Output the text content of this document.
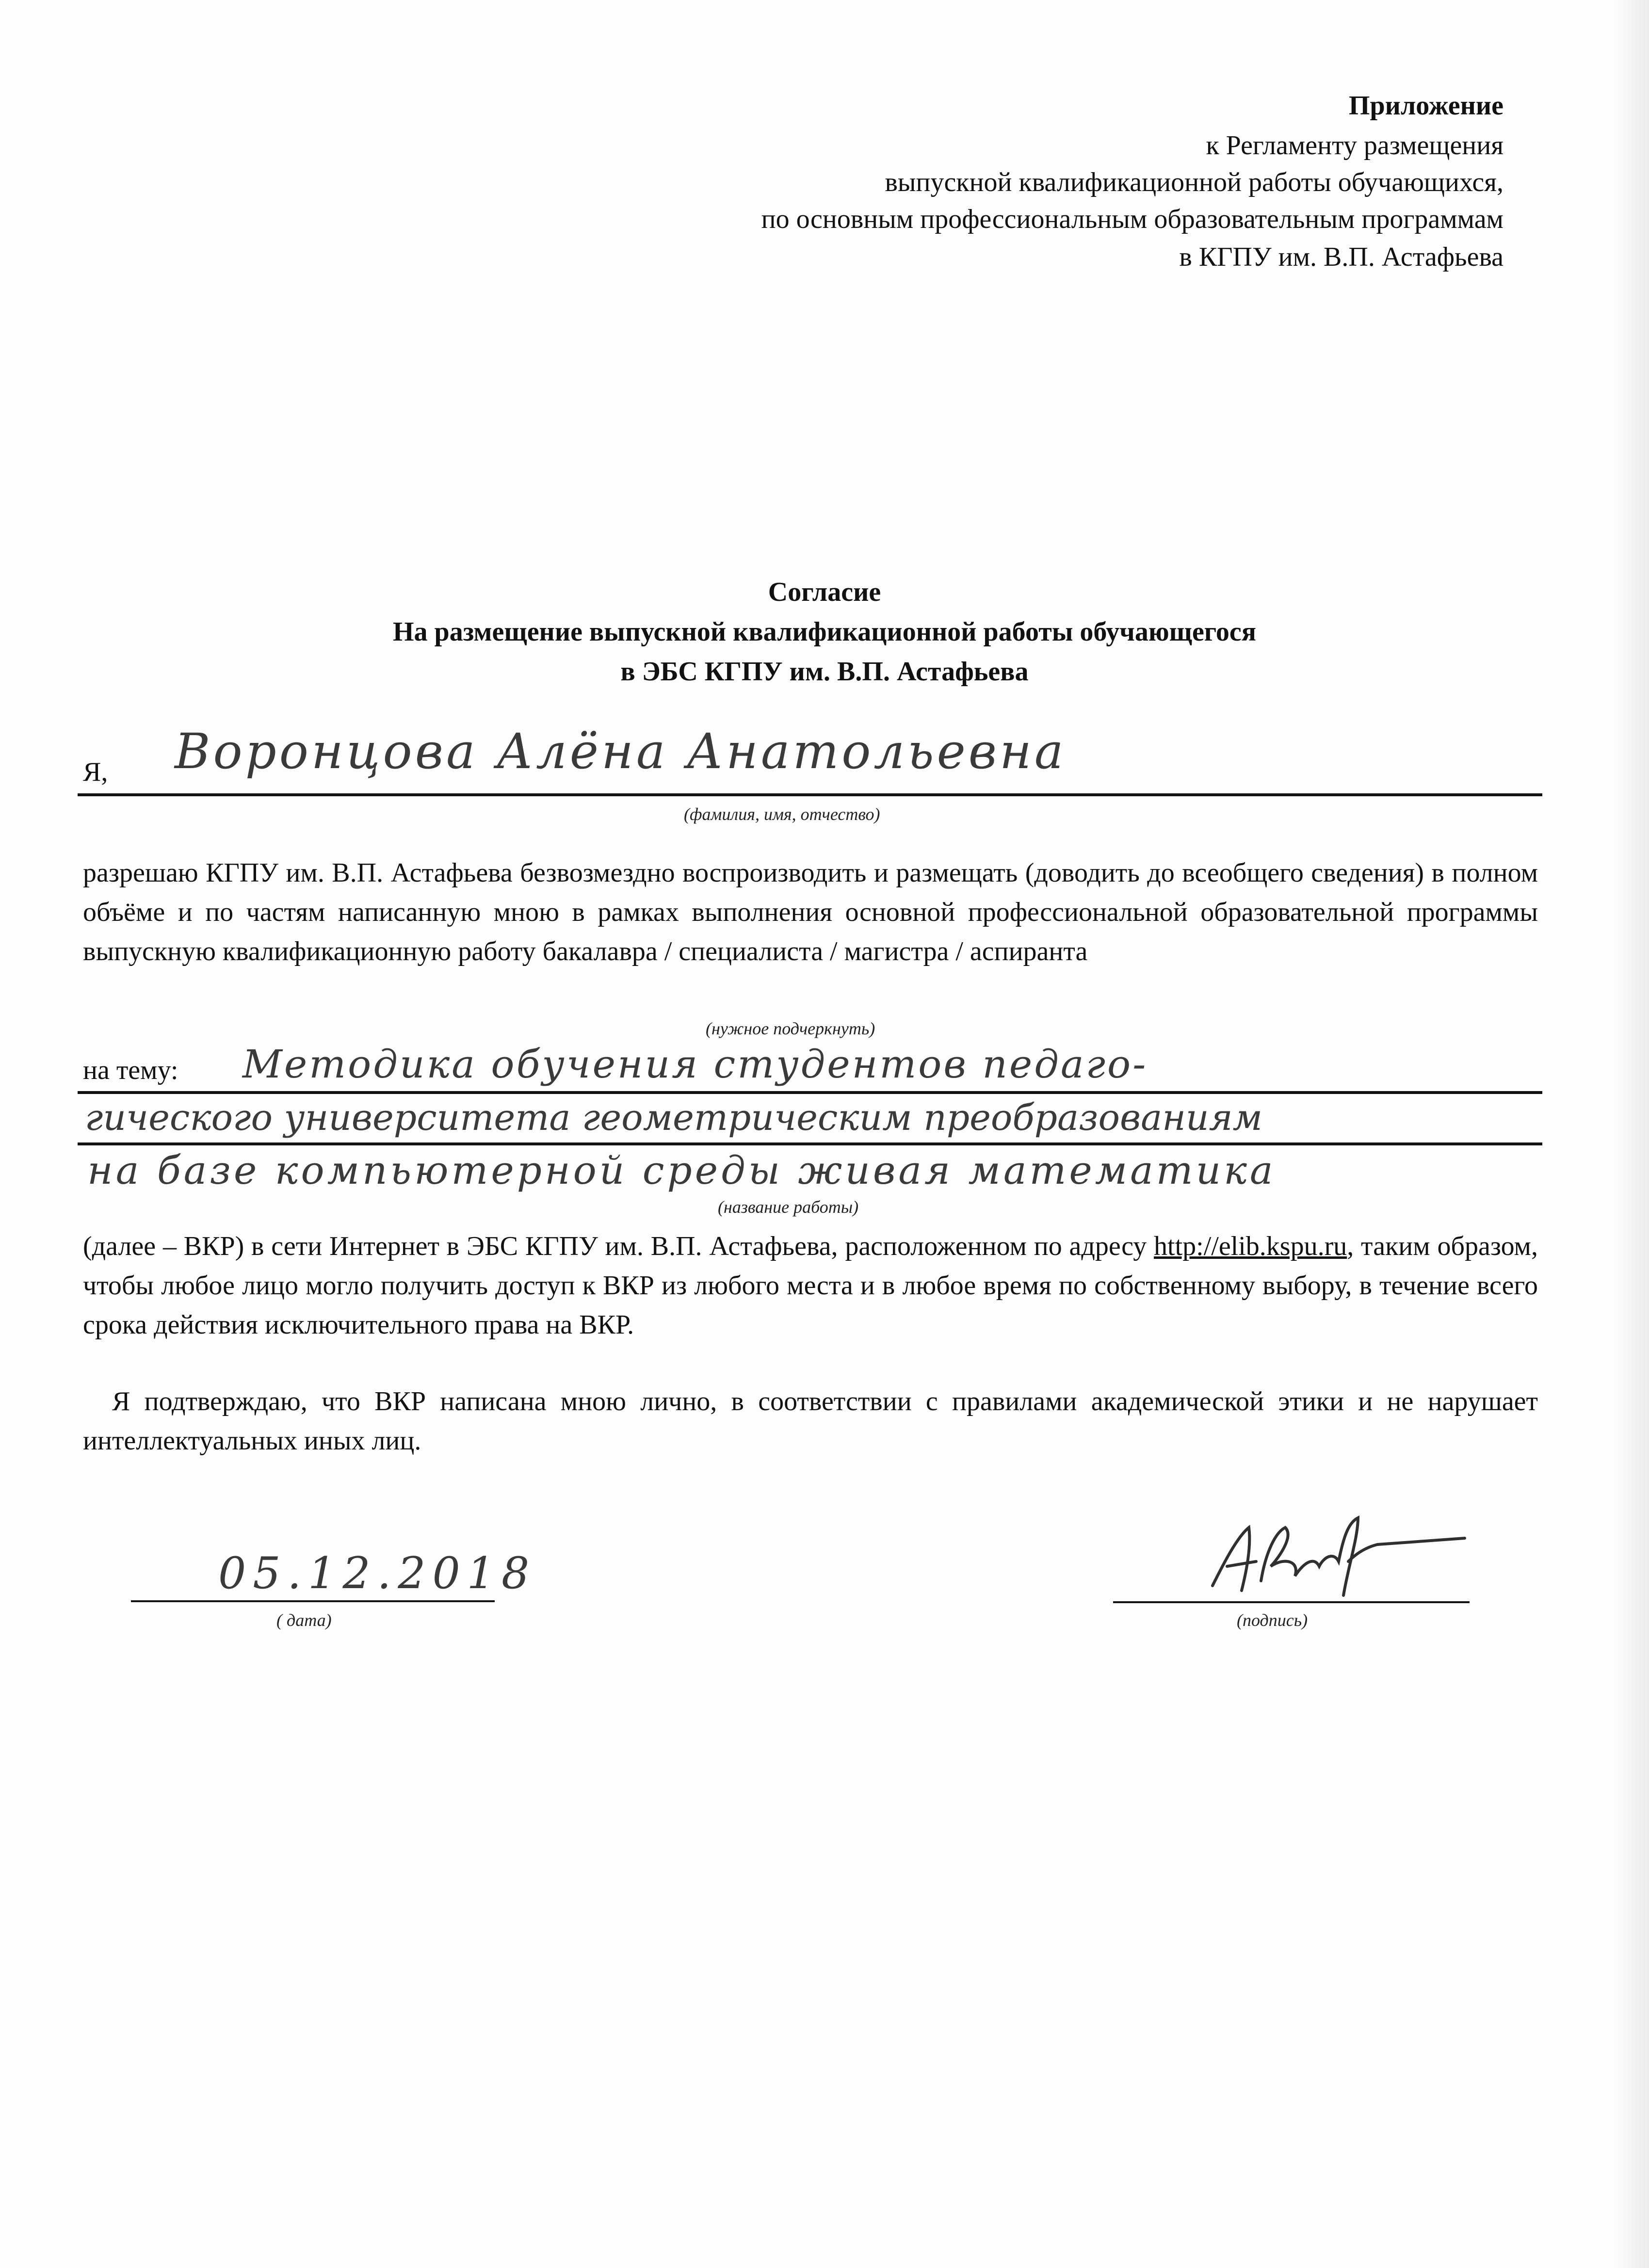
Приложение
к Регламенту размещения
выпускной квалификационной работы обучающихся,
по основным профессиональным образовательным программам
в КГПУ им. В.П. Астафьева
Согласие
На размещение выпускной квалификационной работы обучающегося
в ЭБС КГПУ им. В.П. Астафьева
Я, Воронцова Алёна Анатольевна
(фамилия, имя, отчество)
разрешаю КГПУ им. В.П. Астафьева безвозмездно воспроизводить и размещать (доводить до всеобщего сведения) в полном объёме и по частям написанную мною в рамках выполнения основной профессиональной образовательной программы выпускную квалификационную работу бакалавра / специалиста / магистра / аспиранта
(нужное подчеркнуть)
на тему: Методика обучения студентов педаго-
гического университета геометрическим преобразованиям
на базе компьютерной среды живая математика
(название работы)
(далее – ВКР) в сети Интернет в ЭБС КГПУ им. В.П. Астафьева, расположенном по адресу http://elib.kspu.ru, таким образом, чтобы любое лицо могло получить доступ к ВКР из любого места и в любое время по собственному выбору, в течение всего срока действия исключительного права на ВКР.
Я подтверждаю, что ВКР написана мною лично, в соответствии с правилами академической этики и не нарушает интеллектуальных иных лиц.
05.12.2018
( дата)	(подпись)
